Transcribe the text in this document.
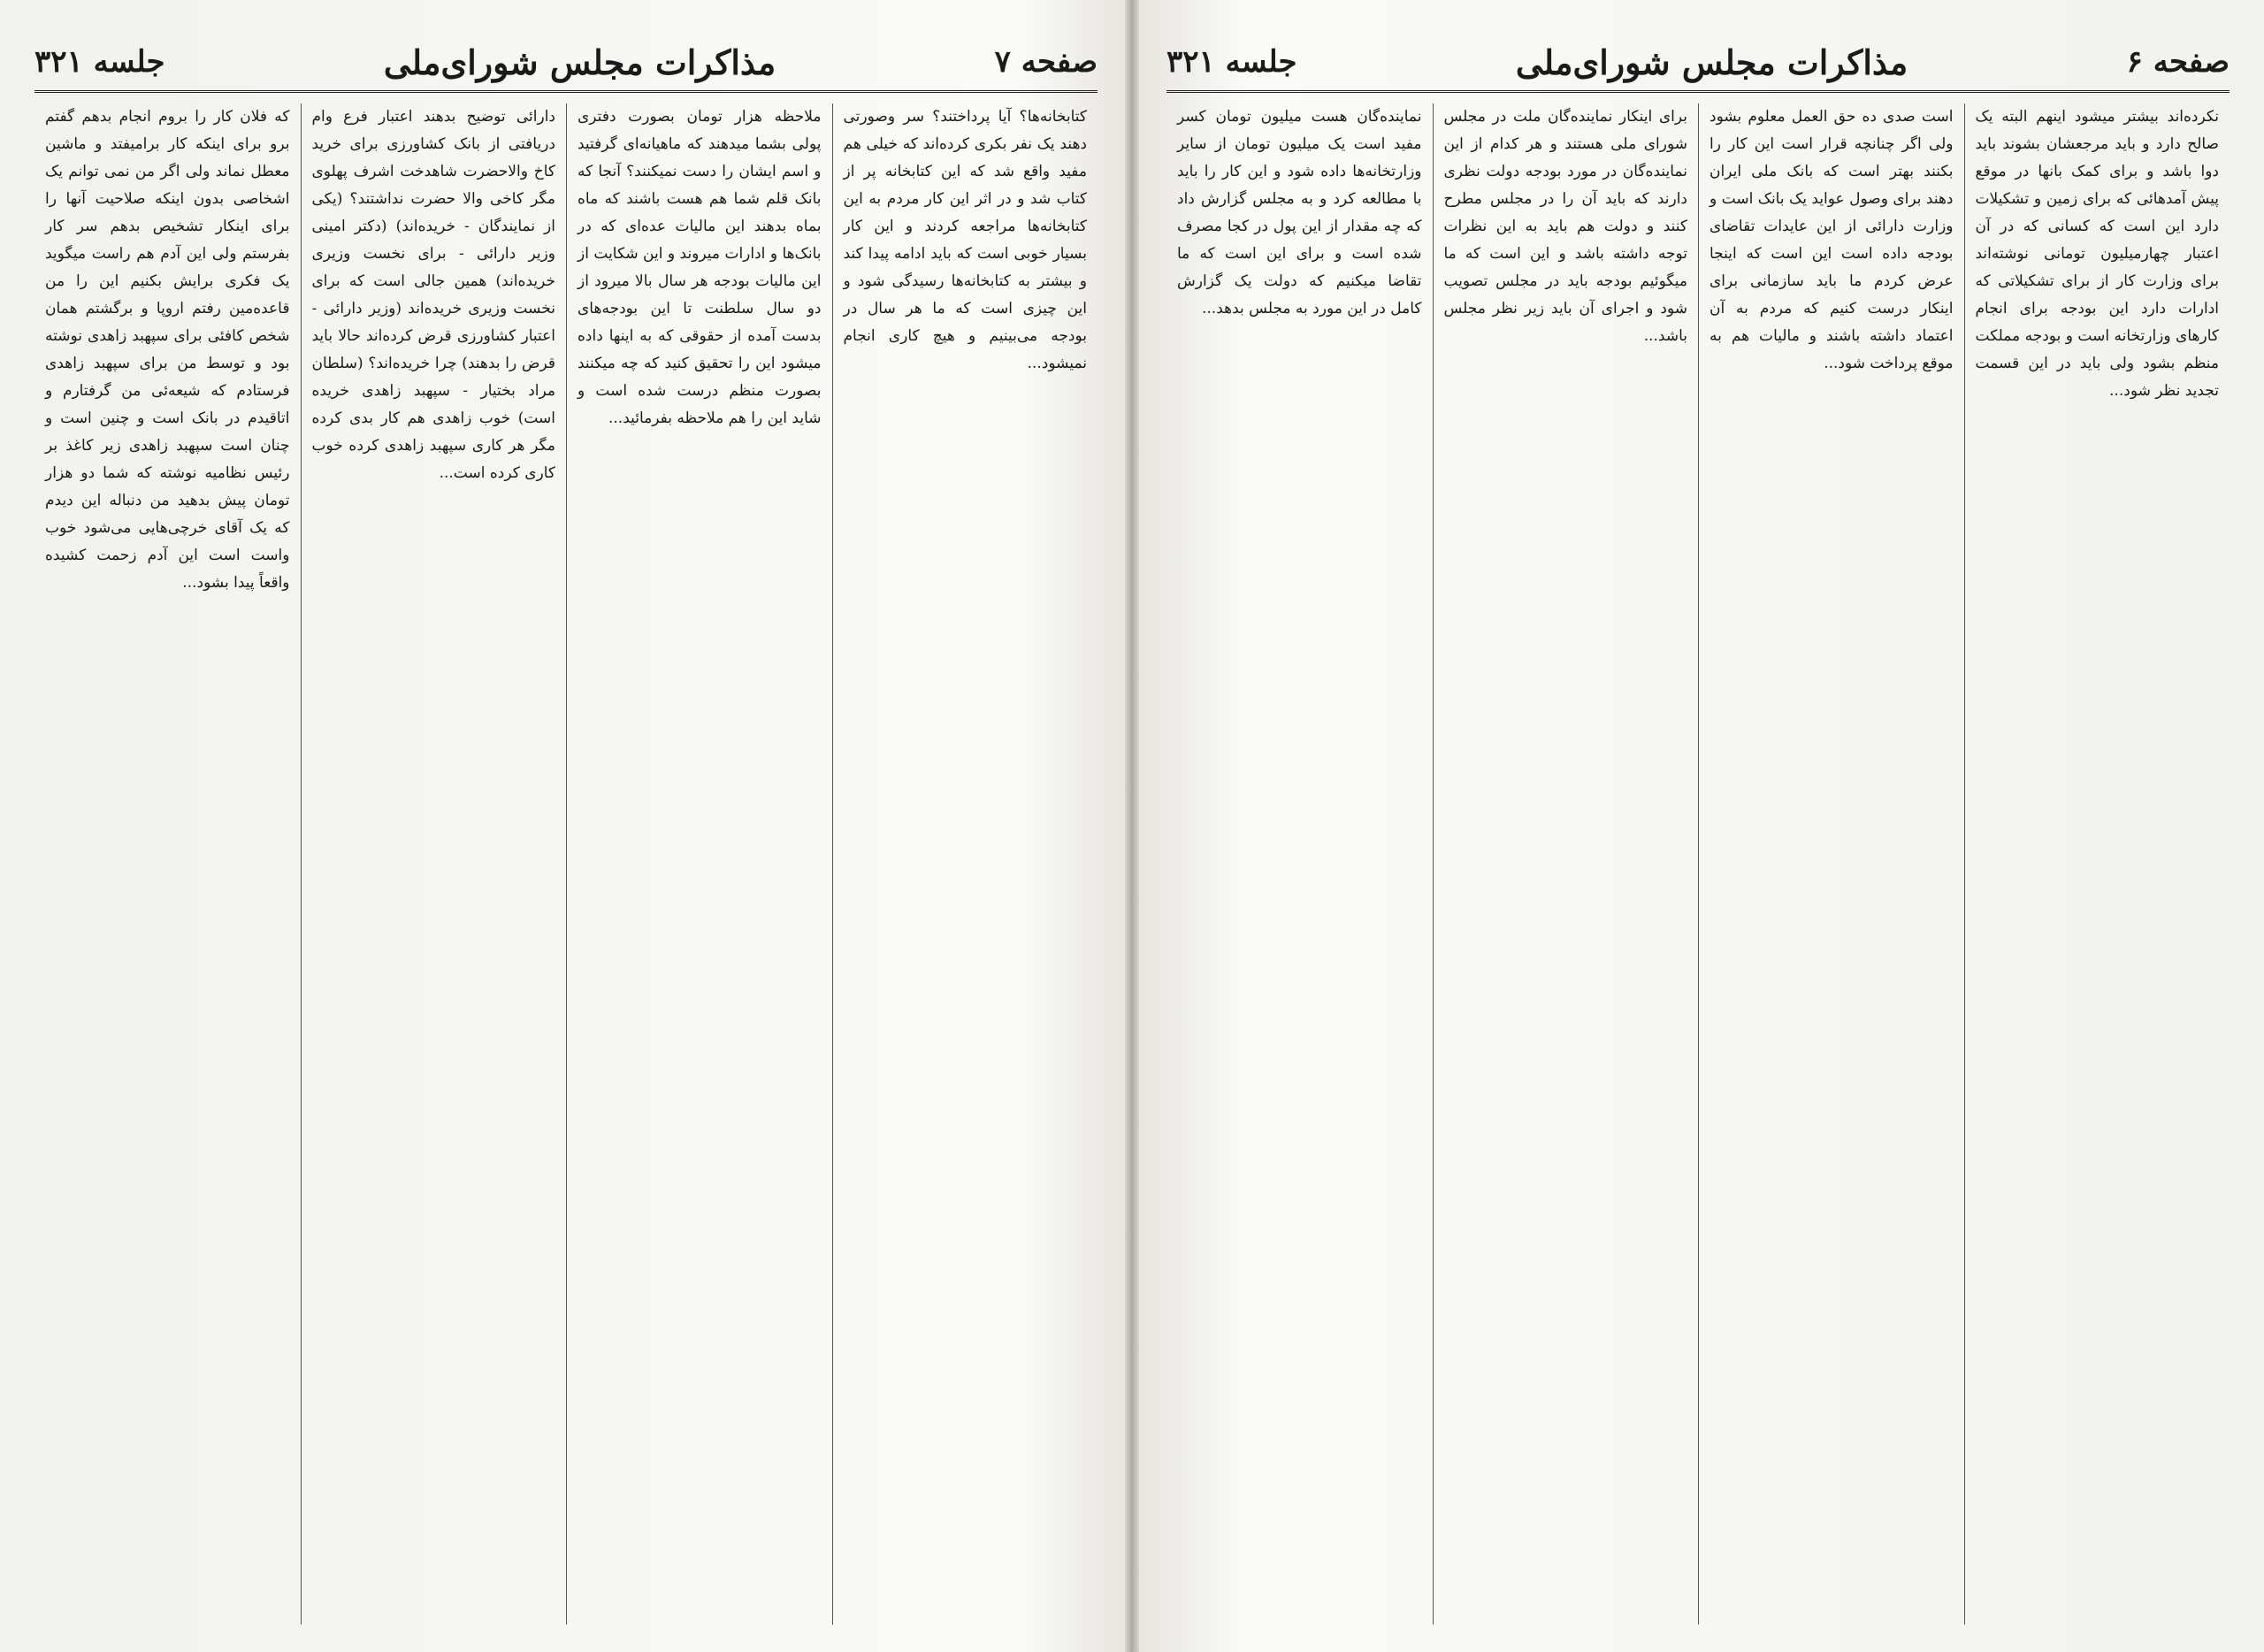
صفحه ۷
مذاکرات مجلس شورای‌ملی
جلسه ۳۲۱

کتابخانه‌ها؟ آیا پرداختند؟ سر وصورتی دهند یک نفر بکری کرده‌اند که خیلی هم مفید واقع شد که این کتابخانه پر از کتاب شد و در اثر این کار مردم به این کتابخانه‌ها مراجعه کردند و این کار بسیار خوبی است که باید ادامه پیدا کند و بیشتر به کتابخانه‌ها رسیدگی شود و این چیزی است که ما هر سال در بودجه می‌بینیم و هیچ کاری انجام نمیشود...

ملاحظه هزار تومان بصورت دفتری پولی بشما میدهند که ماهیانه‌ای گرفتید و اسم ایشان را دست نمیکنند؟ آنجا که بانک قلم شما هم هست باشند که ماه بماه بدهند این مالیات عده‌ای که در بانک‌ها و ادارات میروند و این شکایت از این مالیات بودجه هر سال بالا میرود از دو سال سلطنت تا این بودجه‌های بدست آمده از حقوقی که به اینها داده میشود این را تحقیق کنید که چه میکنند بصورت منظم درست شده است و شاید این را هم ملاحظه بفرمائید...

دارائی توضیح بدهند اعتبار فرع وام دریافتی از بانک کشاورزی برای خرید کاخ والاحضرت شاهدخت اشرف پهلوی مگر کاخی والا حضرت نداشتند؟ (یکی از نمایندگان - خریده‌اند) (دکتر امینی وزیر دارائی - برای نخست وزیری خریده‌اند) همین جالی است که برای نخست وزیری خریده‌اند (وزیر دارائی - اعتبار کشاورزی قرض کرده‌اند حالا باید قرض را بدهند) چرا خریده‌اند؟ (سلطان مراد بختیار - سپهبد زاهدی خریده است) خوب زاهدی هم کار بدی کرده مگر هر کاری سپهبد زاهدی کرده خوب کاری کرده است...

که فلان کار را بروم انجام بدهم گفتم برو برای اینکه کار برامیفتد و ماشین معطل نماند ولی اگر من نمی توانم یک اشخاصی بدون اینکه صلاحیت آنها را برای اینکار تشخیص بدهم سر کار بفرستم ولی این آدم هم راست میگوید یک فکری برایش بکنیم این را من قاعده‌مین رفتم اروپا و برگشتم همان شخص کافئی برای سپهبد زاهدی نوشته بود و توسط من برای سپهبد زاهدی فرستادم که شیعه‌ئی من گرفتارم و اتاقیدم در بانک است و چنین است و چنان است سپهبد زاهدی زیر کاغذ بر رئیس نظامیه نوشته که شما دو هزار تومان پیش بدهید من دنباله این دیدم که یک آقای خرچی‌هایی می‌شود خوب واست است این آدم زحمت کشیده واقعاً پیدا بشود...

صفحه ۶
مذاکرات مجلس شورای‌ملی
جلسه ۳۲۱

نکرده‌اند بیشتر میشود اینهم البته یک صالح دارد و باید مرجعشان بشوند باید دوا باشد و برای کمک بانها در موقع پیش آمدهائی که برای زمین و تشکیلات دارد این است که کسانی که در آن اعتبار چهارمیلیون تومانی نوشته‌اند برای وزارت کار از برای تشکیلاتی که ادارات دارد این بودجه برای انجام کارهای وزارتخانه است و بودجه مملکت منظم بشود ولی باید در این قسمت تجدید نظر شود...

است صدی ده حق العمل معلوم بشود ولی اگر چنانچه قرار است این کار را بکنند بهتر است که بانک ملی ایران دهند برای وصول عواید یک بانک است و وزارت دارائی از این عایدات تقاضای بودجه داده است این است که اینجا عرض کردم ما باید سازمانی برای اینکار درست کنیم که مردم به آن اعتماد داشته باشند و مالیات هم به موقع پرداخت شود...

برای اینکار نماینده‌گان ملت در مجلس شورای ملی هستند و هر کدام از این نماینده‌گان در مورد بودجه دولت نظری دارند که باید آن را در مجلس مطرح کنند و دولت هم باید به این نظرات توجه داشته باشد و این است که ما میگوئیم بودجه باید در مجلس تصویب شود و اجرای آن باید زیر نظر مجلس باشد...

نماینده‌گان هست میلیون تومان کسر مفید است یک میلیون تومان از سایر وزارتخانه‌ها داده شود و این کار را باید با مطالعه کرد و به مجلس گزارش داد که چه مقدار از این پول در کجا مصرف شده است و برای این است که ما تقاضا میکنیم که دولت یک گزارش کامل در این مورد به مجلس بدهد...
